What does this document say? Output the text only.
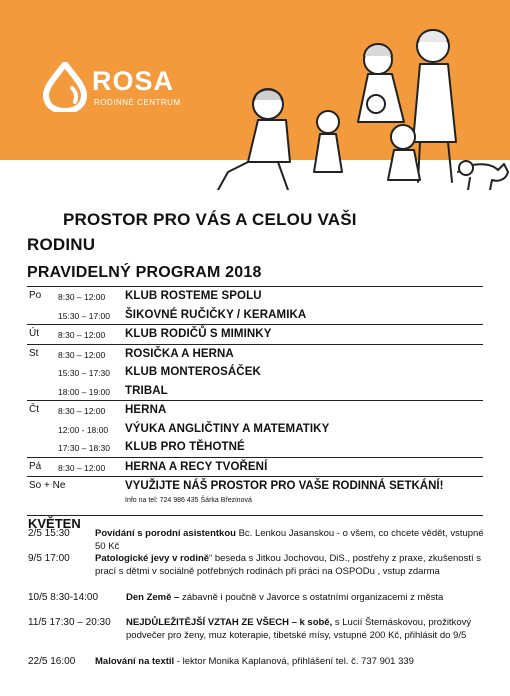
ROSA
RODINNÉ CENTRUM
PROSTOR PRO VÁS A CELOU VAŠI
RODINU
PRAVIDELNÝ PROGRAM 2018
Po 8:30 – 12:00 KLUB ROSTEME SPOLU
15:30 – 17:00 ŠIKOVNÉ RUČIČKY / KERAMIKA
Út 8:30 – 12:00 KLUB RODIČŮ S MIMINKY
St 8:30 – 12:00 ROSIČKA A HERNA
15:30 – 17:30 KLUB MONTEROSÁČEK
18:00 – 19:00 TRIBAL
Čt 8:30 – 12:00 HERNA
12:00 - 18:00 VÝUKA ANGLIČTINY A MATEMATIKY
17:30 – 18:30 KLUB PRO TĚHOTNÉ
Pá 8:30 – 12:00 HERNA A RECY TVOŘENÍ
So + Ne	VYUŽIJTE NÁŠ PROSTOR PRO VAŠE RODINNÁ SETKÁNÍ!
Info na tel: 724 986 435 Šárka Březinová
KVĚTEN
2/5 15:30	Povídání s porodní asistentkou Bc. Lenkou Jasanskou - o všem, co chcete vědět, vstupné 50 Kč
9/5 17:00	Patologické jevy v rodině“ beseda s Jitkou Jochovou, DiS., postřehy z praxe, zkušeností s prací s dětmi v sociálně potřebných rodinách při práci na OSPODu , vstup zdarma
10/5 8:30-14:00	Den Země – zábavně i poučně v Javorce s ostatními organizacemi z města
11/5 17:30 – 20:30 NEJDŮLEŽITĚJŠÍ VZTAH ZE VŠECH – k sobě, s Lucií Šternáskovou, prožitkový podvečer pro ženy, muz koterapie, tibetské mísy, vstupné 200 Kč, přihlásit do 9/5
22/5 16:00 Malování na textil - lektor Monika Kaplanová, přihlášení tel. č. 737 901 339
